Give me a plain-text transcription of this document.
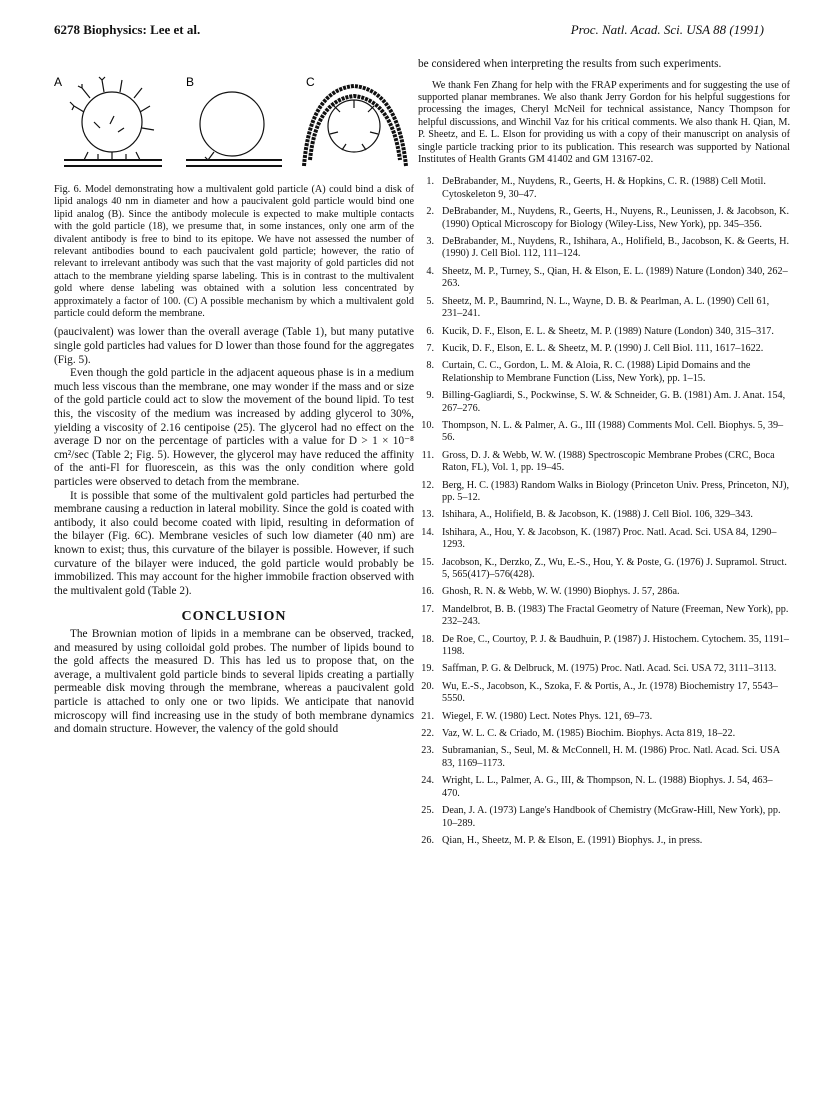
6278 Biophysics: Lee et al.	Proc. Natl. Acad. Sci. USA 88 (1991)
A	B	C
Fig. 6. Model demonstrating how a multivalent gold particle (A) could bind a disk of lipid analogs 40 nm in diameter and how a paucivalent gold particle would bind one lipid analog (B). Since the antibody molecule is expected to make multiple contacts with the gold particle (18), we presume that, in some instances, only one arm of the divalent antibody is free to bind to its epitope. We have not assessed the number of relevant antibodies bound to each paucivalent gold particle; however, the ratio of relevant to irrelevant antibody was such that the vast majority of gold particles did not attach to the membrane yielding sparse labeling. This is in contrast to the multivalent gold where dense labeling was obtained with a solution less concentrated by approximately a factor of 100. (C) A possible mechanism by which a multivalent gold particle could deform the membrane.

(paucivalent) was lower than the overall average (Table 1), but many putative single gold particles had values for D lower than those found for the aggregates (Fig. 5).

Even though the gold particle in the adjacent aqueous phase is in a medium much less viscous than the membrane, one may wonder if the mass and or size of the gold particle could act to slow the movement of the bound lipid. To test this, the viscosity of the medium was increased by adding glycerol to 30%, yielding a viscosity of 2.16 centipoise (25). The glycerol had no effect on the average D nor on the percentage of particles with a value for D > 1 × 10⁻⁸ cm²/sec (Table 2; Fig. 5). However, the glycerol may have reduced the affinity of the anti-Fl for fluorescein, as this was the only condition where gold particles were observed to detach from the membrane.

It is possible that some of the multivalent gold particles had perturbed the membrane causing a reduction in lateral mobility. Since the gold is coated with antibody, it also could become coated with lipid, resulting in deformation of the bilayer (Fig. 6C). Membrane vesicles of such low diameter (40 nm) are known to exist; thus, this curvature of the bilayer is possible. However, if such curvature of the bilayer were induced, the gold particle would probably be immobilized. This may account for the higher immobile fraction observed with the multivalent gold (Table 2).

CONCLUSION

The Brownian motion of lipids in a membrane can be observed, tracked, and measured by using colloidal gold probes. The number of lipids bound to the gold affects the measured D. This has led us to propose that, on the average, a multivalent gold particle binds to several lipids creating a partially permeable disk moving through the membrane, whereas a paucivalent gold particle is attached to only one or two lipids. We anticipate that nanovid microscopy will find increasing use in the study of both membrane dynamics and domain structure. However, the valency of the gold should

be considered when interpreting the results from such experiments.

We thank Fen Zhang for help with the FRAP experiments and for suggesting the use of supported planar membranes. We also thank Jerry Gordon for his helpful suggestions for processing the images, Cheryl McNeil for technical assistance, Nancy Thompson for helpful discussions, and Winchil Vaz for his critical comments. We also thank H. Qian, M. P. Sheetz, and E. L. Elson for providing us with a copy of their manuscript on analysis of single particle tracking prior to its publication. This research was supported by National Institutes of Health Grants GM 41402 and GM 13167-02.

1. DeBrabander, M., Nuydens, R., Geerts, H. & Hopkins, C. R. (1988) Cell Motil. Cytoskeleton 9, 30–47.
2. DeBrabander, M., Nuydens, R., Geerts, H., Nuyens, R., Leunissen, J. & Jacobson, K. (1990) Optical Microscopy for Biology (Wiley-Liss, New York), pp. 345–356.
3. DeBrabander, M., Nuydens, R., Ishihara, A., Holifield, B., Jacobson, K. & Geerts, H. (1990) J. Cell Biol. 112, 111–124.
4. Sheetz, M. P., Turney, S., Qian, H. & Elson, E. L. (1989) Nature (London) 340, 262–263.
5. Sheetz, M. P., Baumrind, N. L., Wayne, D. B. & Pearlman, A. L. (1990) Cell 61, 231–241.
6. Kucik, D. F., Elson, E. L. & Sheetz, M. P. (1989) Nature (London) 340, 315–317.
7. Kucik, D. F., Elson, E. L. & Sheetz, M. P. (1990) J. Cell Biol. 111, 1617–1622.
8. Curtain, C. C., Gordon, L. M. & Aloia, R. C. (1988) Lipid Domains and the Relationship to Membrane Function (Liss, New York), pp. 1–15.
9. Billing-Gagliardi, S., Pockwinse, S. W. & Schneider, G. B. (1981) Am. J. Anat. 154, 267–276.
10. Thompson, N. L. & Palmer, A. G., III (1988) Comments Mol. Cell. Biophys. 5, 39–56.
11. Gross, D. J. & Webb, W. W. (1988) Spectroscopic Membrane Probes (CRC, Boca Raton, FL), Vol. 1, pp. 19–45.
12. Berg, H. C. (1983) Random Walks in Biology (Princeton Univ. Press, Princeton, NJ), pp. 5–12.
13. Ishihara, A., Holifield, B. & Jacobson, K. (1988) J. Cell Biol. 106, 329–343.
14. Ishihara, A., Hou, Y. & Jacobson, K. (1987) Proc. Natl. Acad. Sci. USA 84, 1290–1293.
15. Jacobson, K., Derzko, Z., Wu, E.-S., Hou, Y. & Poste, G. (1976) J. Supramol. Struct. 5, 565(417)–576(428).
16. Ghosh, R. N. & Webb, W. W. (1990) Biophys. J. 57, 286a.
17. Mandelbrot, B. B. (1983) The Fractal Geometry of Nature (Freeman, New York), pp. 232–243.
18. De Roe, C., Courtoy, P. J. & Baudhuin, P. (1987) J. Histochem. Cytochem. 35, 1191–1198.
19. Saffman, P. G. & Delbruck, M. (1975) Proc. Natl. Acad. Sci. USA 72, 3111–3113.
20. Wu, E.-S., Jacobson, K., Szoka, F. & Portis, A., Jr. (1978) Biochemistry 17, 5543–5550.
21. Wiegel, F. W. (1980) Lect. Notes Phys. 121, 69–73.
22. Vaz, W. L. C. & Criado, M. (1985) Biochim. Biophys. Acta 819, 18–22.
23. Subramanian, S., Seul, M. & McConnell, H. M. (1986) Proc. Natl. Acad. Sci. USA 83, 1169–1173.
24. Wright, L. L., Palmer, A. G., III, & Thompson, N. L. (1988) Biophys. J. 54, 463–470.
25. Dean, J. A. (1973) Lange's Handbook of Chemistry (McGraw-Hill, New York), pp. 10–289.
26. Qian, H., Sheetz, M. P. & Elson, E. (1991) Biophys. J., in press.
